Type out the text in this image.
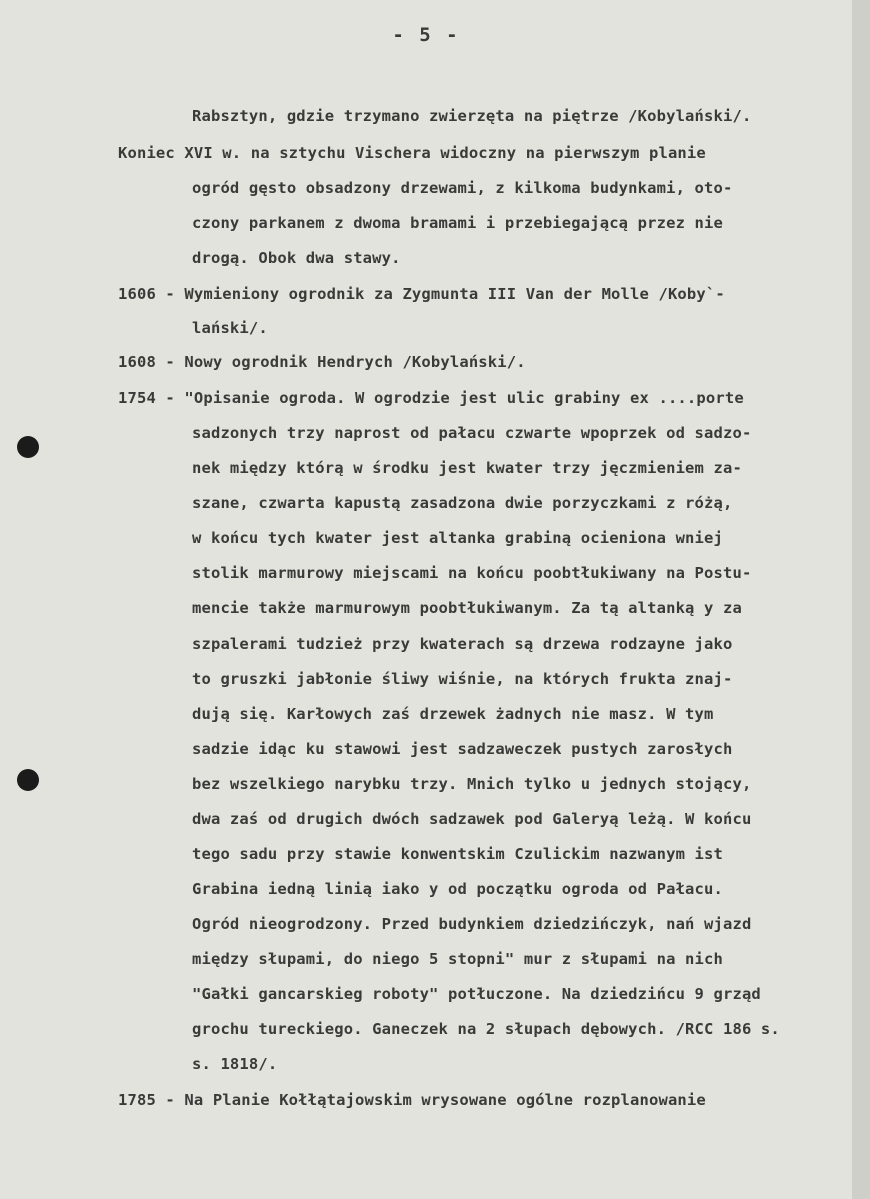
- 5 -
Rabsztyn, gdzie trzymano zwierzęta na piętrze /Kobylański/.
Koniec XVI w. na sztychu Vischera widoczny na pierwszym planie
ogród gęsto obsadzony drzewami, z kilkoma budynkami, oto-
czony parkanem z dwoma bramami i przebiegającą przez nie
drogą. Obok dwa stawy.
1606 - Wymieniony ogrodnik za Zygmunta III Van der Molle /Koby`-
lański/.
1608 - Nowy ogrodnik Hendrych /Kobylański/.
1754 - "Opisanie ogroda. W ogrodzie jest ulic grabiny ex ....porte
sadzonych trzy naprost od pałacu czwarte wpoprzek od sadzo-
nek między którą w środku jest kwater trzy jęczmieniem za-
szane, czwarta kapustą zasadzona dwie porzyczkami z różą,
w końcu tych kwater jest altanka grabiną ocieniona wniej
stolik marmurowy miejscami na końcu poobtłukiwany na Postu-
mencie także marmurowym poobtłukiwanym. Za tą altanką y za
szpalerami tudzież przy kwaterach są drzewa rodzayne jako
to gruszki jabłonie śliwy wiśnie, na których frukta znaj-
dują się. Karłowych zaś drzewek żadnych nie masz. W tym
sadzie idąc ku stawowi jest sadzaweczek pustych zarosłych
bez wszelkiego narybku trzy. Mnich tylko u jednych stojący,
dwa zaś od drugich dwóch sadzawek pod Galeryą leżą. W końcu
tego sadu przy stawie konwentskim Czulickim nazwanym ist
Grabina iedną linią iako y od początku ogroda od Pałacu.
Ogród nieogrodzony. Przed budynkiem dziedzińczyk, nań wjazd
między słupami, do niego 5 stopni" mur z słupami na nich
"Gałki gancarskieg roboty" potłuczone. Na dziedzińcu 9 grząd
grochu tureckiego. Ganeczek na 2 słupach dębowych. /RCC 186 s.
s. 1818/.
1785 - Na Planie Kołłątajowskim wrysowane ogólne rozplanowanie
